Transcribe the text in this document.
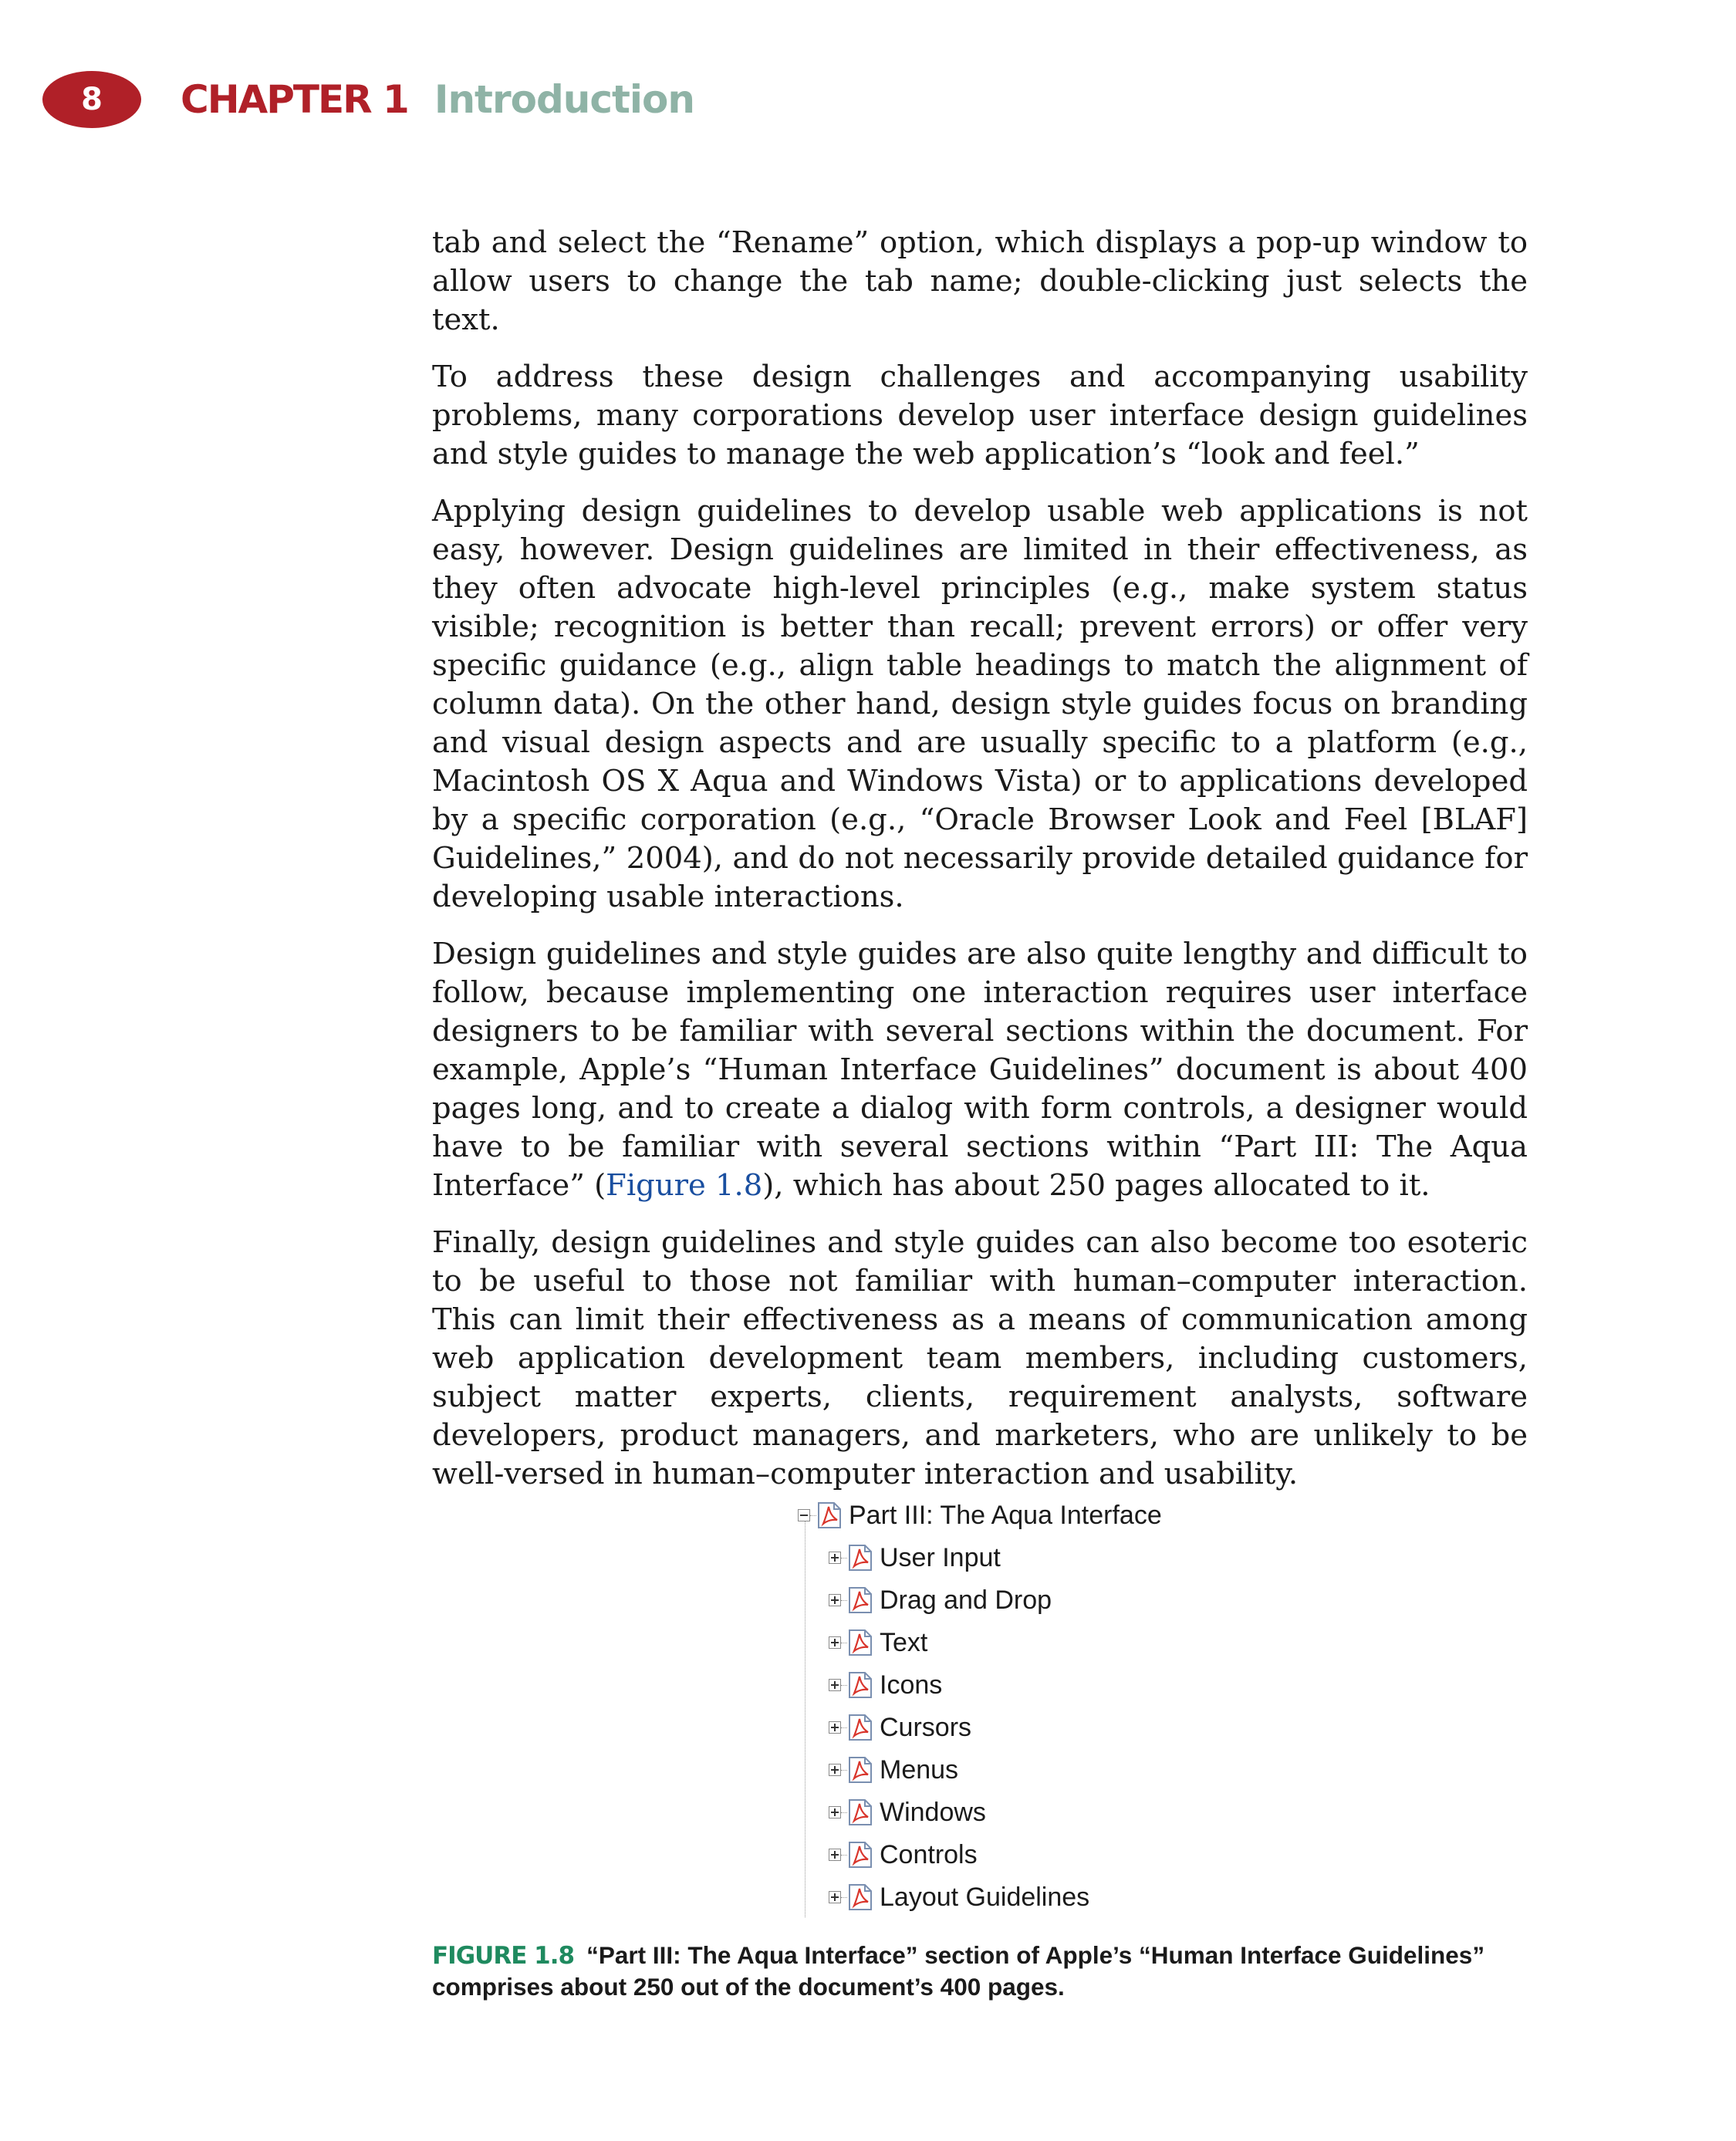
8	CHAPTER 1 Introduction

tab and select the “Rename” option, which displays a pop-up window to allow users to change the tab name; double-clicking just selects the text.

To address these design challenges and accompanying usability problems, many corporations develop user interface design guidelines and style guides to manage the web application’s “look and feel.”

Applying design guidelines to develop usable web applications is not easy, however. Design guidelines are limited in their effectiveness, as they often advocate high-level principles (e.g., make system status visible; recognition is better than recall; prevent errors) or offer very specific guidance (e.g., align table headings to match the alignment of column data). On the other hand, design style guides focus on branding and visual design aspects and are usually specific to a platform (e.g., Macintosh OS X Aqua and Windows Vista) or to applications developed by a specific corporation (e.g., “Oracle Browser Look and Feel [BLAF] Guidelines,” 2004), and do not necessarily provide detailed guidance for developing usable interactions.

Design guidelines and style guides are also quite lengthy and difficult to follow, because implementing one interaction requires user interface designers to be familiar with several sections within the document. For example, Apple’s “Human Interface Guidelines” document is about 400 pages long, and to create a dialog with form controls, a designer would have to be familiar with several sections within “Part III: The Aqua Interface” (Figure 1.8), which has about 250 pages allocated to it.

Finally, design guidelines and style guides can also become too esoteric to be useful to those not familiar with human–computer interaction. This can limit their effectiveness as a means of communication among web application development team members, including customers, subject matter experts, clients, requirement analysts, software developers, product managers, and marketers, who are unlikely to be well-versed in human–computer interaction and usability.

Part III: The Aqua Interface
User Input
Drag and Drop
Text
Icons
Cursors
Menus
Windows
Controls
Layout Guidelines
FIGURE 1.8 “Part III: The Aqua Interface” section of Apple’s “Human Interface Guidelines” comprises about 250 out of the document’s 400 pages.
